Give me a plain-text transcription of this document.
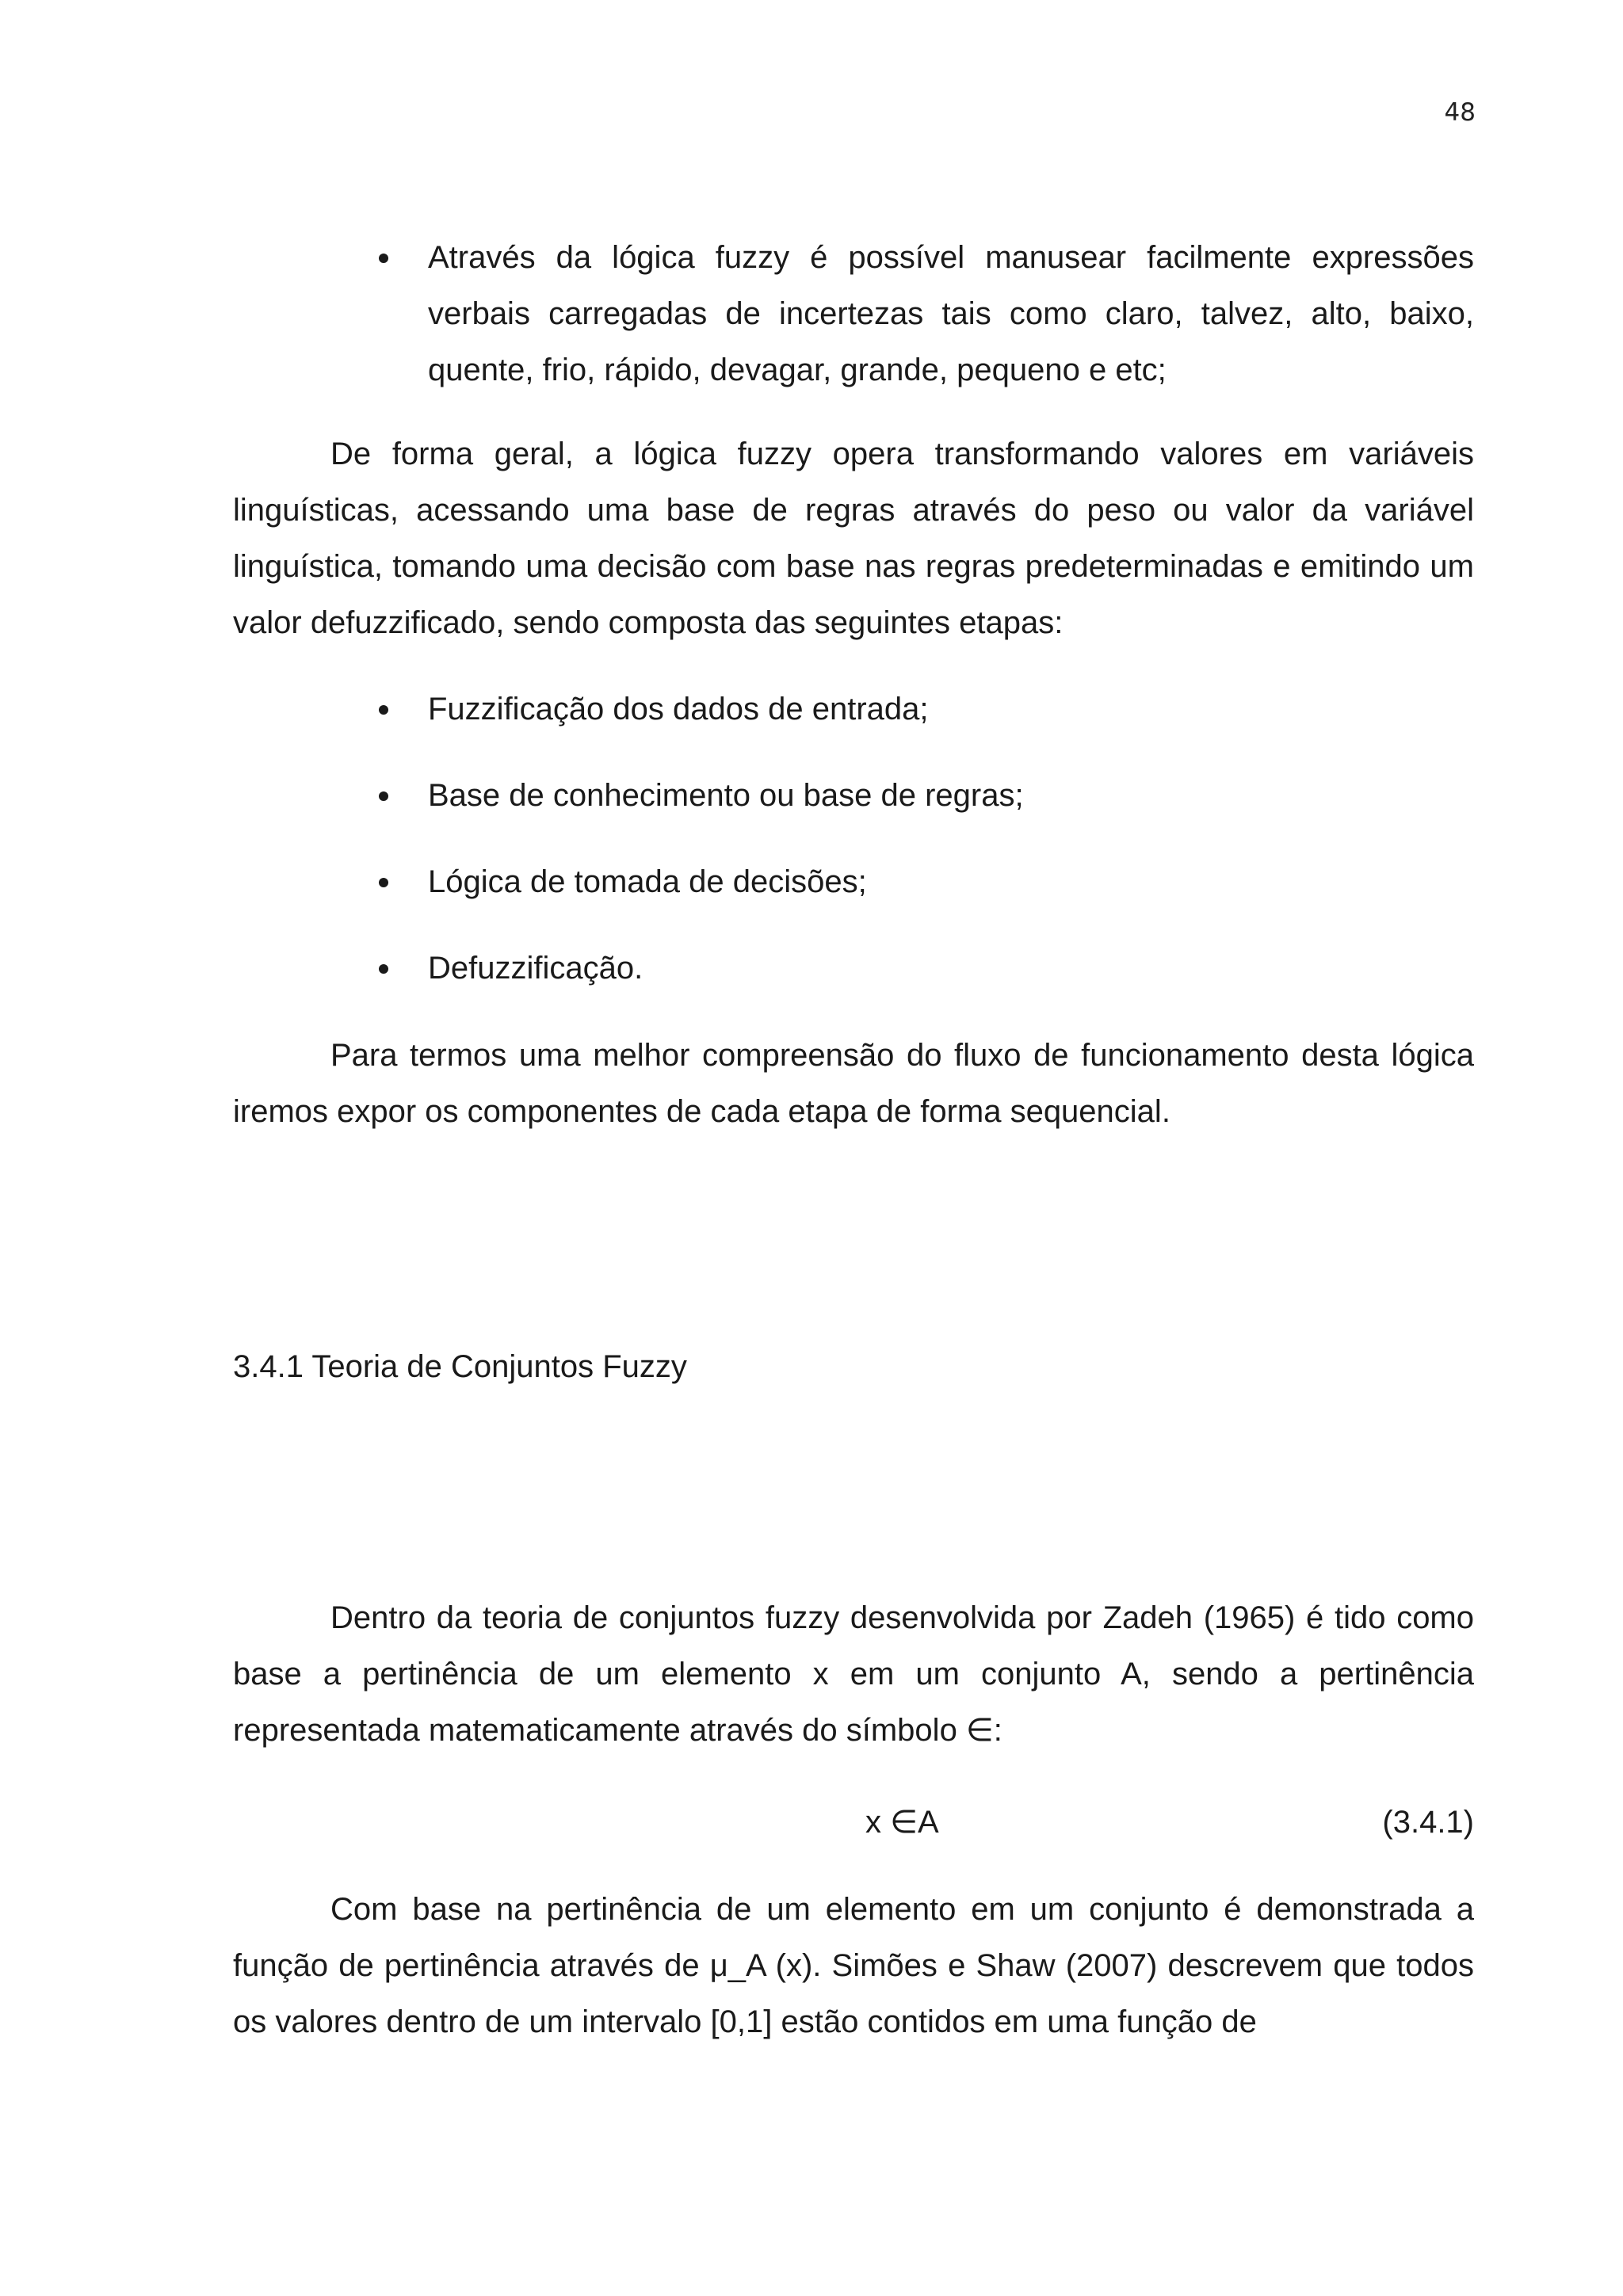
48
Através da lógica fuzzy é possível manusear facilmente expressões verbais carregadas de incertezas tais como claro, talvez, alto, baixo, quente, frio, rápido, devagar, grande, pequeno e etc;

De forma geral, a lógica fuzzy opera transformando valores em variáveis linguísticas, acessando uma base de regras através do peso ou valor da variável linguística, tomando uma decisão com base nas regras predeterminadas e emitindo um valor defuzzificado, sendo composta das seguintes etapas:

Fuzzificação dos dados de entrada;
Base de conhecimento ou base de regras;
Lógica de tomada de decisões;
Defuzzificação.

Para termos uma melhor compreensão do fluxo de funcionamento desta lógica iremos expor os componentes de cada etapa de forma sequencial.

3.4.1 Teoria de Conjuntos Fuzzy

Dentro da teoria de conjuntos fuzzy desenvolvida por Zadeh (1965) é tido como base a pertinência de um elemento x em um conjunto A, sendo a pertinência representada matematicamente através do símbolo ∈:

x ∈A	(3.4.1)

Com base na pertinência de um elemento em um conjunto é demonstrada a função de pertinência através de μ_A (x). Simões e Shaw (2007) descrevem que todos os valores dentro de um intervalo [0,1] estão contidos em uma função de
